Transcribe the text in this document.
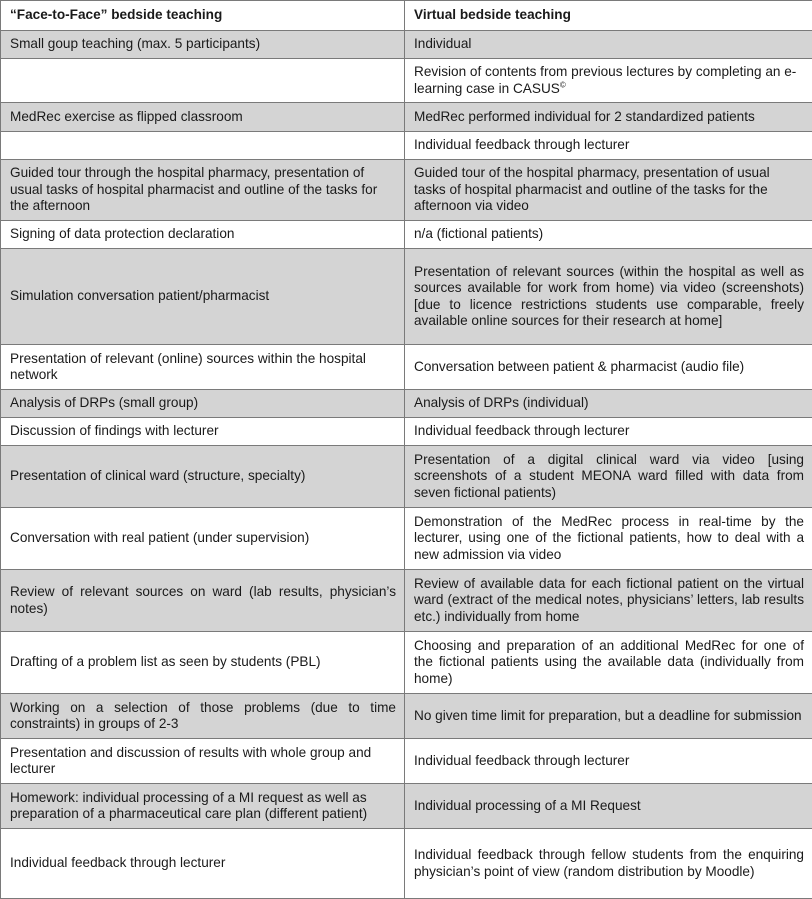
“Face-to-Face” bedside teaching	Virtual bedside teaching
Small goup teaching (max. 5 participants)	Individual
	Revision of contents from previous lectures by completing an e-learning case in CASUS©
MedRec exercise as flipped classroom	MedRec performed individual for 2 standardized patients
	Individual feedback through lecturer
Guided tour through the hospital pharmacy, presentation of usual tasks of hospital pharmacist and outline of the tasks for the afternoon	Guided tour of the hospital pharmacy, presentation of usual tasks of hospital pharmacist and outline of the tasks for the afternoon via video
Signing of data protection declaration	n/a (fictional patients)
Simulation conversation patient/pharmacist	Presentation of relevant sources (within the hospital as well as sources available for work from home) via video (screenshots) [due to licence restrictions students use comparable, freely available online sources for their research at home]
Presentation of relevant (online) sources within the hospital network	Conversation between patient & pharmacist (audio file)
Analysis of DRPs (small group)	Analysis of DRPs (individual)
Discussion of findings with lecturer	Individual feedback through lecturer
Presentation of clinical ward (structure, specialty)	Presentation of a digital clinical ward via video [using screenshots of a student MEONA ward filled with data from seven fictional patients)
Conversation with real patient (under supervision)	Demonstration of the MedRec process in real-time by the lecturer, using one of the fictional patients, how to deal with a new admission via video
Review of relevant sources on ward (lab results, physician’s notes)	Review of available data for each fictional patient on the virtual ward (extract of the medical notes, physicians’ letters, lab results etc.) individually from home
Drafting of a problem list as seen by students (PBL)	Choosing and preparation of an additional MedRec for one of the fictional patients using the available data (individually from home)
Working on a selection of those problems (due to time constraints) in groups of 2-3	No given time limit for preparation, but a deadline for submission
Presentation and discussion of results with whole group and lecturer	Individual feedback through lecturer
Homework: individual processing of a MI request as well as preparation of a pharmaceutical care plan (different patient)	Individual processing of a MI Request
Individual feedback through lecturer	Individual feedback through fellow students from the enquiring physician’s point of view (random distribution by Moodle)
